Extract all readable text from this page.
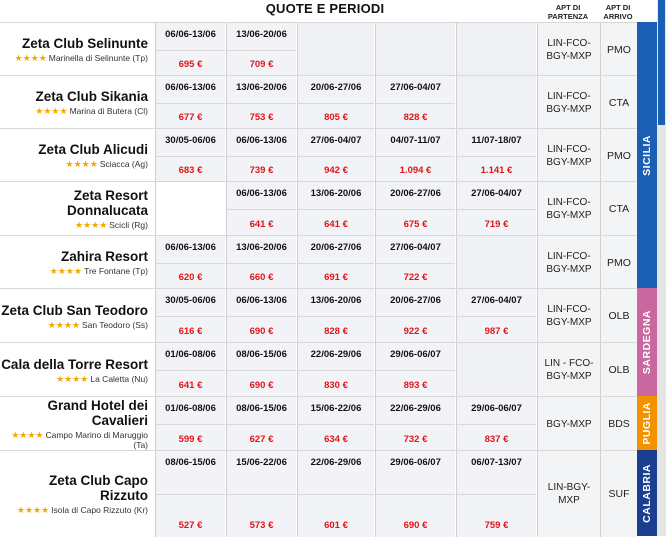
QUOTE E PERIODI	APT DI PARTENZA
APT DI ARRIVO
Zeta Club Selinunte
★★★★ Marinella di Selinunte (Tp)
06/06-13/06
695 €
13/06-20/06
709 €
LIN-FCO-BGY-MXP
PMO
Zeta Club Sikania
★★★★ Marina di Butera (Cl)
06/06-13/06
677 €
13/06-20/06
753 €
20/06-27/06
805 €
27/06-04/07
828 €
LIN-FCO-BGY-MXP
CTA
Zeta Club Alicudi
★★★★ Sciacca (Ag)
30/05-06/06
683 €
06/06-13/06
739 €
27/06-04/07
942 €
04/07-11/07
1.094 €
11/07-18/07
1.141 €
LIN-FCO-BGY-MXP
PMO
Zeta Resort Donnalucata
★★★★ Scicli (Rg)
06/06-13/06
641 €
13/06-20/06
641 €
20/06-27/06
675 €
27/06-04/07
719 €
LIN-FCO-BGY-MXP
CTA
Zahira Resort
★★★★ Tre Fontane (Tp)
06/06-13/06
620 €
13/06-20/06
660 €
20/06-27/06
691 €
27/06-04/07
722 €
LIN-FCO-BGY-MXP
PMO
Zeta Club San Teodoro
★★★★ San Teodoro (Ss)
30/05-06/06
616 €
06/06-13/06
690 €
13/06-20/06
828 €
20/06-27/06
922 €
27/06-04/07
987 €
LIN-FCO-BGY-MXP
OLB
Cala della Torre Resort
★★★★ La Caletta (Nu)
01/06-08/06
641 €
08/06-15/06
690 €
22/06-29/06
830 €
29/06-06/07
893 €
LIN - FCO-BGY-MXP
OLB
Grand Hotel dei Cavalieri
★★★★ Campo Marino di Maruggio (Ta)
01/06-08/06
599 €
08/06-15/06
627 €
15/06-22/06
634 €
22/06-29/06
732 €
29/06-06/07
837 €
BGY-MXP	BDS
Zeta Club Capo Rizzuto
★★★★ Isola di Capo Rizzuto (Kr)
08/06-15/06
527 €
15/06-22/06
573 €
22/06-29/06
601 €
29/06-06/07
690 €
06/07-13/07
759 €
LIN-BGY-MXP
SUF
SICILIA
SARDEGNA
PUGLIA
CALABRIA
